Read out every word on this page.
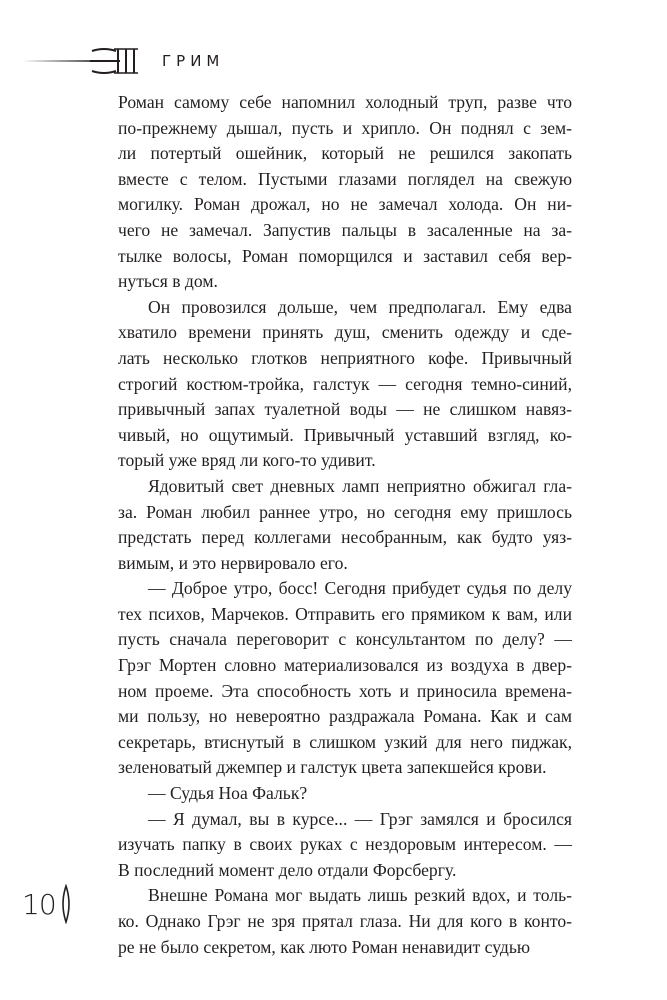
ГРИМ
Роман самому себе напомнил холодный труп, разве что
по-прежнему дышал, пусть и хрипло. Он поднял с зем-
ли потертый ошейник, который не решился закопать
вместе с телом. Пустыми глазами поглядел на свежую
могилку. Роман дрожал, но не замечал холода. Он ни-
чего не замечал. Запустив пальцы в засаленные на за-
тылке волосы, Роман поморщился и заставил себя вер-
нуться в дом.
Он провозился дольше, чем предполагал. Ему едва
хватило времени принять душ, сменить одежду и сде-
лать несколько глотков неприятного кофе. Привычный
строгий костюм-тройка, галстук — сегодня темно-синий,
привычный запах туалетной воды — не слишком навяз-
чивый, но ощутимый. Привычный уставший взгляд, ко-
торый уже вряд ли кого-то удивит.
Ядовитый свет дневных ламп неприятно обжигал гла-
за. Роман любил раннее утро, но сегодня ему пришлось
предстать перед коллегами несобранным, как будто уяз-
вимым, и это нервировало его.
— Доброе утро, босс! Сегодня прибудет судья по делу
тех психов, Марчеков. Отправить его прямиком к вам, или
пусть сначала переговорит с консультантом по делу? —
Грэг Мортен словно материализовался из воздуха в двер-
ном проеме. Эта способность хоть и приносила времена-
ми пользу, но невероятно раздражала Романа. Как и сам
секретарь, втиснутый в слишком узкий для него пиджак,
зеленоватый джемпер и галстук цвета запекшейся крови.
— Судья Ноа Фальк?
— Я думал, вы в курсе... — Грэг замялся и бросился
изучать папку в своих руках с нездоровым интересом. —
В последний момент дело отдали Форсбергу.
Внешне Романа мог выдать лишь резкий вдох, и толь-
ко. Однако Грэг не зря прятал глаза. Ни для кого в конто-
ре не было секретом, как люто Роман ненавидит судью
10
